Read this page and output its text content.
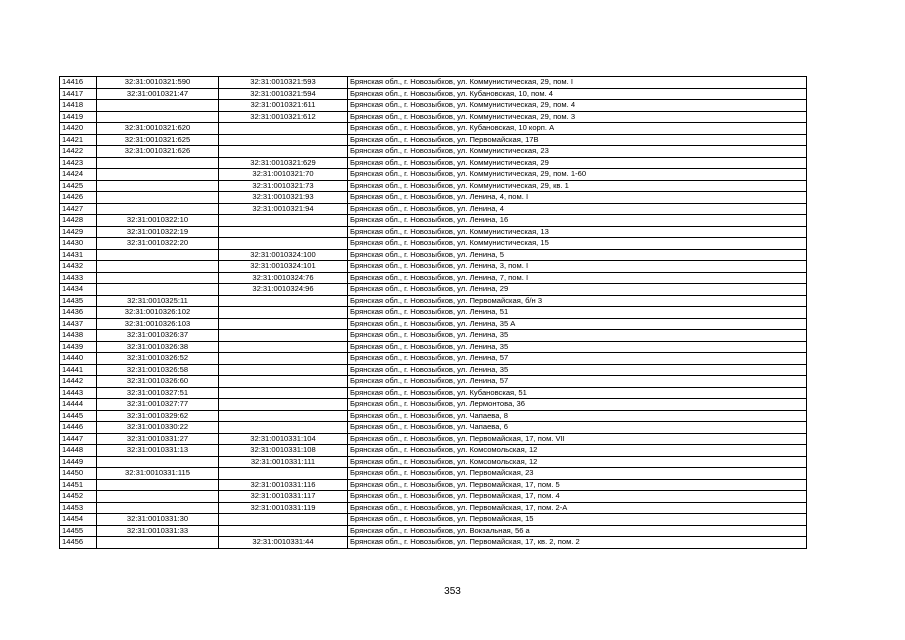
14416	32:31:0010321:590	32:31:0010321:593	Брянская обл., г. Новозыбков, ул. Коммунистическая, 29, пом. I
14417	32:31:0010321:47	32:31:0010321:594	Брянская обл., г. Новозыбков, ул. Кубановская, 10, пом. 4
14418		32:31:0010321:611	Брянская обл., г. Новозыбков, ул. Коммунистическая, 29, пом. 4
14419		32:31:0010321:612	Брянская обл., г. Новозыбков, ул. Коммунистическая, 29, пом. 3
14420	32:31:0010321:620		Брянская обл., г. Новозыбков, ул. Кубановская, 10 корп. А
14421	32:31:0010321:625		Брянская обл., г. Новозыбков, ул. Первомайская, 17В
14422	32:31:0010321:626		Брянская обл., г. Новозыбков, ул. Коммунистическая, 23
14423		32:31:0010321:629	Брянская обл., г. Новозыбков, ул. Коммунистическая, 29
14424		32:31:0010321:70	Брянская обл., г. Новозыбков, ул. Коммунистическая, 29, пом. 1-60
14425		32:31:0010321:73	Брянская обл., г. Новозыбков, ул. Коммунистическая, 29, кв. 1
14426		32:31:0010321:93	Брянская обл., г. Новозыбков, ул. Ленина, 4, пом. I
14427		32:31:0010321:94	Брянская обл., г. Новозыбков, ул. Ленина, 4
14428	32:31:0010322:10		Брянская обл., г. Новозыбков, ул. Ленина, 16
14429	32:31:0010322:19		Брянская обл., г. Новозыбков, ул. Коммунистическая, 13
14430	32:31:0010322:20		Брянская обл., г. Новозыбков, ул. Коммунистическая, 15
14431		32:31:0010324:100	Брянская обл., г. Новозыбков, ул. Ленина, 5
14432		32:31:0010324:101	Брянская обл., г. Новозыбков, ул. Ленина, 3, пом. I
14433		32:31:0010324:76	Брянская обл., г. Новозыбков, ул. Ленина, 7, пом. I
14434		32:31:0010324:96	Брянская обл., г. Новозыбков, ул. Ленина, 29
14435	32:31:0010325:11		Брянская обл., г. Новозыбков, ул. Первомайская, б/н 3
14436	32:31:0010326:102		Брянская обл., г. Новозыбков, ул. Ленина, 51
14437	32:31:0010326:103		Брянская обл., г. Новозыбков, ул. Ленина, 35 А
14438	32:31:0010326:37		Брянская обл., г. Новозыбков, ул. Ленина, 35
14439	32:31:0010326:38		Брянская обл., г. Новозыбков, ул. Ленина, 35
14440	32:31:0010326:52		Брянская обл., г. Новозыбков, ул. Ленина, 57
14441	32:31:0010326:58		Брянская обл., г. Новозыбков, ул. Ленина, 35
14442	32:31:0010326:60		Брянская обл., г. Новозыбков, ул. Ленина, 57
14443	32:31:0010327:51		Брянская обл., г. Новозыбков, ул. Кубановская, 51
14444	32:31:0010327:77		Брянская обл., г. Новозыбков, ул. Лермонтова, 36
14445	32:31:0010329:62		Брянская обл., г. Новозыбков, ул. Чапаева, 8
14446	32:31:0010330:22		Брянская обл., г. Новозыбков, ул. Чапаева, 6
14447	32:31:0010331:27	32:31:0010331:104	Брянская обл., г. Новозыбков, ул. Первомайская, 17, пом. VII
14448	32:31:0010331:13	32:31:0010331:108	Брянская обл., г. Новозыбков, ул. Комсомольская, 12
14449		32:31:0010331:111	Брянская обл., г. Новозыбков, ул. Комсомольская, 12
14450	32:31:0010331:115		Брянская обл., г. Новозыбков, ул. Первомайская, 23
14451		32:31:0010331:116	Брянская обл., г. Новозыбков, ул. Первомайская, 17, пом. 5
14452		32:31:0010331:117	Брянская обл., г. Новозыбков, ул. Первомайская, 17, пом. 4
14453		32:31:0010331:119	Брянская обл., г. Новозыбков, ул. Первомайская, 17, пом. 2-А
14454	32:31:0010331:30		Брянская обл., г. Новозыбков, ул. Первомайская, 15
14455	32:31:0010331:33		Брянская обл., г. Новозыбков, ул. Вокзальная, 56 а
14456		32:31:0010331:44	Брянская обл., г. Новозыбков, ул. Первомайская, 17, кв. 2, пом. 2
353
